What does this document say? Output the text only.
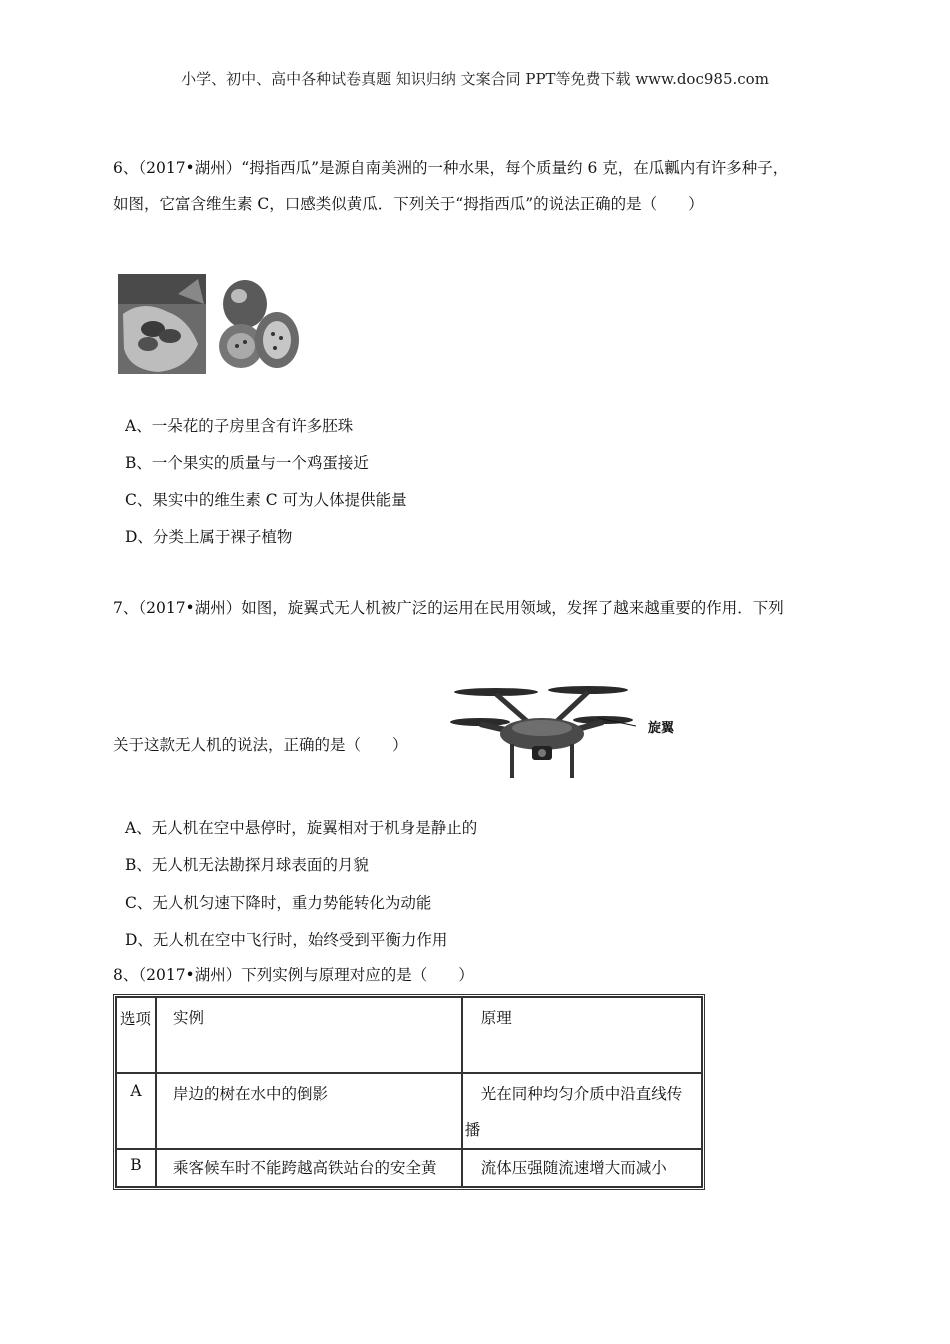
小学、初中、高中各种试卷真题 知识归纳 文案合同 PPT等免费下载 www.doc985.com
6、（2017•湖州）“拇指西瓜”是源自南美洲的一种水果，每个质量约 6 克，在瓜瓤内有许多种子，
如图，它富含维生素 C，口感类似黄瓜．下列关于“拇指西瓜”的说法正确的是（　　）
A、一朵花的子房里含有许多胚珠
B、一个果实的质量与一个鸡蛋接近
C、果实中的维生素 C 可为人体提供能量
D、分类上属于裸子植物
7、（2017•湖州）如图，旋翼式无人机被广泛的运用在民用领域，发挥了越来越重要的作用．下列
关于这款无人机的说法，正确的是（　　）
旋翼
A、无人机在空中悬停时，旋翼相对于机身是静止的
B、无人机无法勘探月球表面的月貌
C、无人机匀速下降时，重力势能转化为动能
D、无人机在空中飞行时，始终受到平衡力作用
8、（2017•湖州）下列实例与原理对应的是（　　）
选项	实例	原理

A	岸边的树在水中的倒影	光在同种均匀介质中沿直线传
播

B	乘客候车时不能跨越高铁站台的安全黄	流体压强随流速增大而减小
